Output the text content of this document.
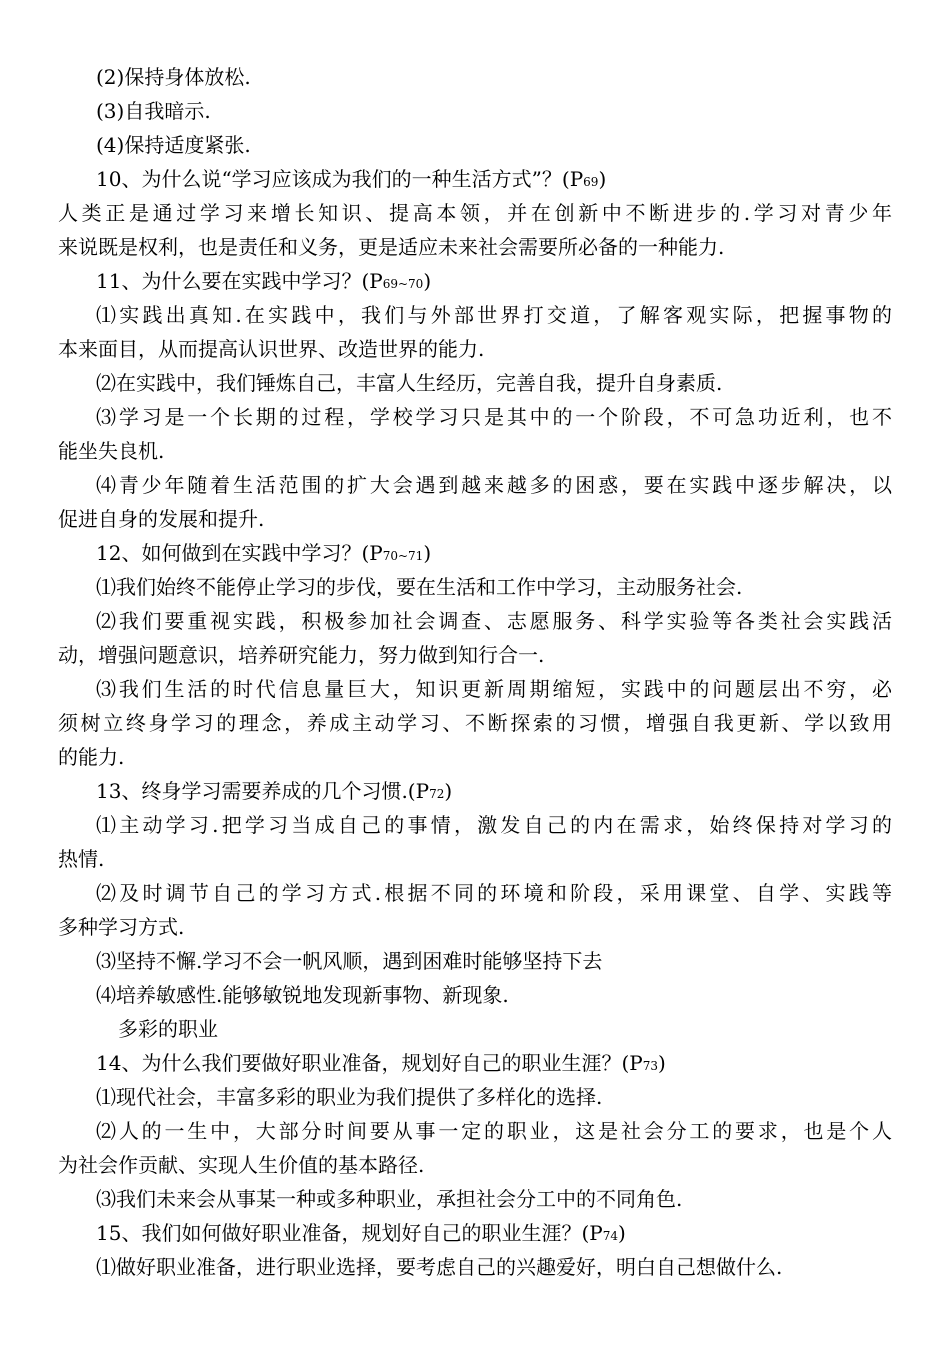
(2)保持身体放松.
(3)自我暗示.
(4)保持适度紧张.
10、为什么说“学习应该成为我们的一种生活方式”？(P69)
人类正是通过学习来增长知识、提高本领，并在创新中不断进步的.学习对青少年
来说既是权利，也是责任和义务，更是适应未来社会需要所必备的一种能力.
11、为什么要在实践中学习？(P69~70)
⑴实践出真知.在实践中，我们与外部世界打交道，了解客观实际，把握事物的
本来面目，从而提高认识世界、改造世界的能力.
⑵在实践中，我们锤炼自己，丰富人生经历，完善自我，提升自身素质.
⑶学习是一个长期的过程，学校学习只是其中的一个阶段，不可急功近利，也不
能坐失良机.
⑷青少年随着生活范围的扩大会遇到越来越多的困惑，要在实践中逐步解决，以
促进自身的发展和提升.
12、如何做到在实践中学习？(P70~71)
⑴我们始终不能停止学习的步伐，要在生活和工作中学习，主动服务社会.
⑵我们要重视实践，积极参加社会调查、志愿服务、科学实验等各类社会实践活
动，增强问题意识，培养研究能力，努力做到知行合一.
⑶我们生活的时代信息量巨大，知识更新周期缩短，实践中的问题层出不穷，必
须树立终身学习的理念，养成主动学习、不断探索的习惯，增强自我更新、学以致用
的能力.
13、终身学习需要养成的几个习惯.(P72)
⑴主动学习.把学习当成自己的事情，激发自己的内在需求，始终保持对学习的
热情.
⑵及时调节自己的学习方式.根据不同的环境和阶段，采用课堂、自学、实践等
多种学习方式.
⑶坚持不懈.学习不会一帆风顺，遇到困难时能够坚持下去
⑷培养敏感性.能够敏锐地发现新事物、新现象.
多彩的职业
14、为什么我们要做好职业准备，规划好自己的职业生涯？(P73)
⑴现代社会，丰富多彩的职业为我们提供了多样化的选择.
⑵人的一生中，大部分时间要从事一定的职业，这是社会分工的要求，也是个人
为社会作贡献、实现人生价值的基本路径.
⑶我们未来会从事某一种或多种职业，承担社会分工中的不同角色.
15、我们如何做好职业准备，规划好自己的职业生涯？(P74)
⑴做好职业准备，进行职业选择，要考虑自己的兴趣爱好，明白自己想做什么.
